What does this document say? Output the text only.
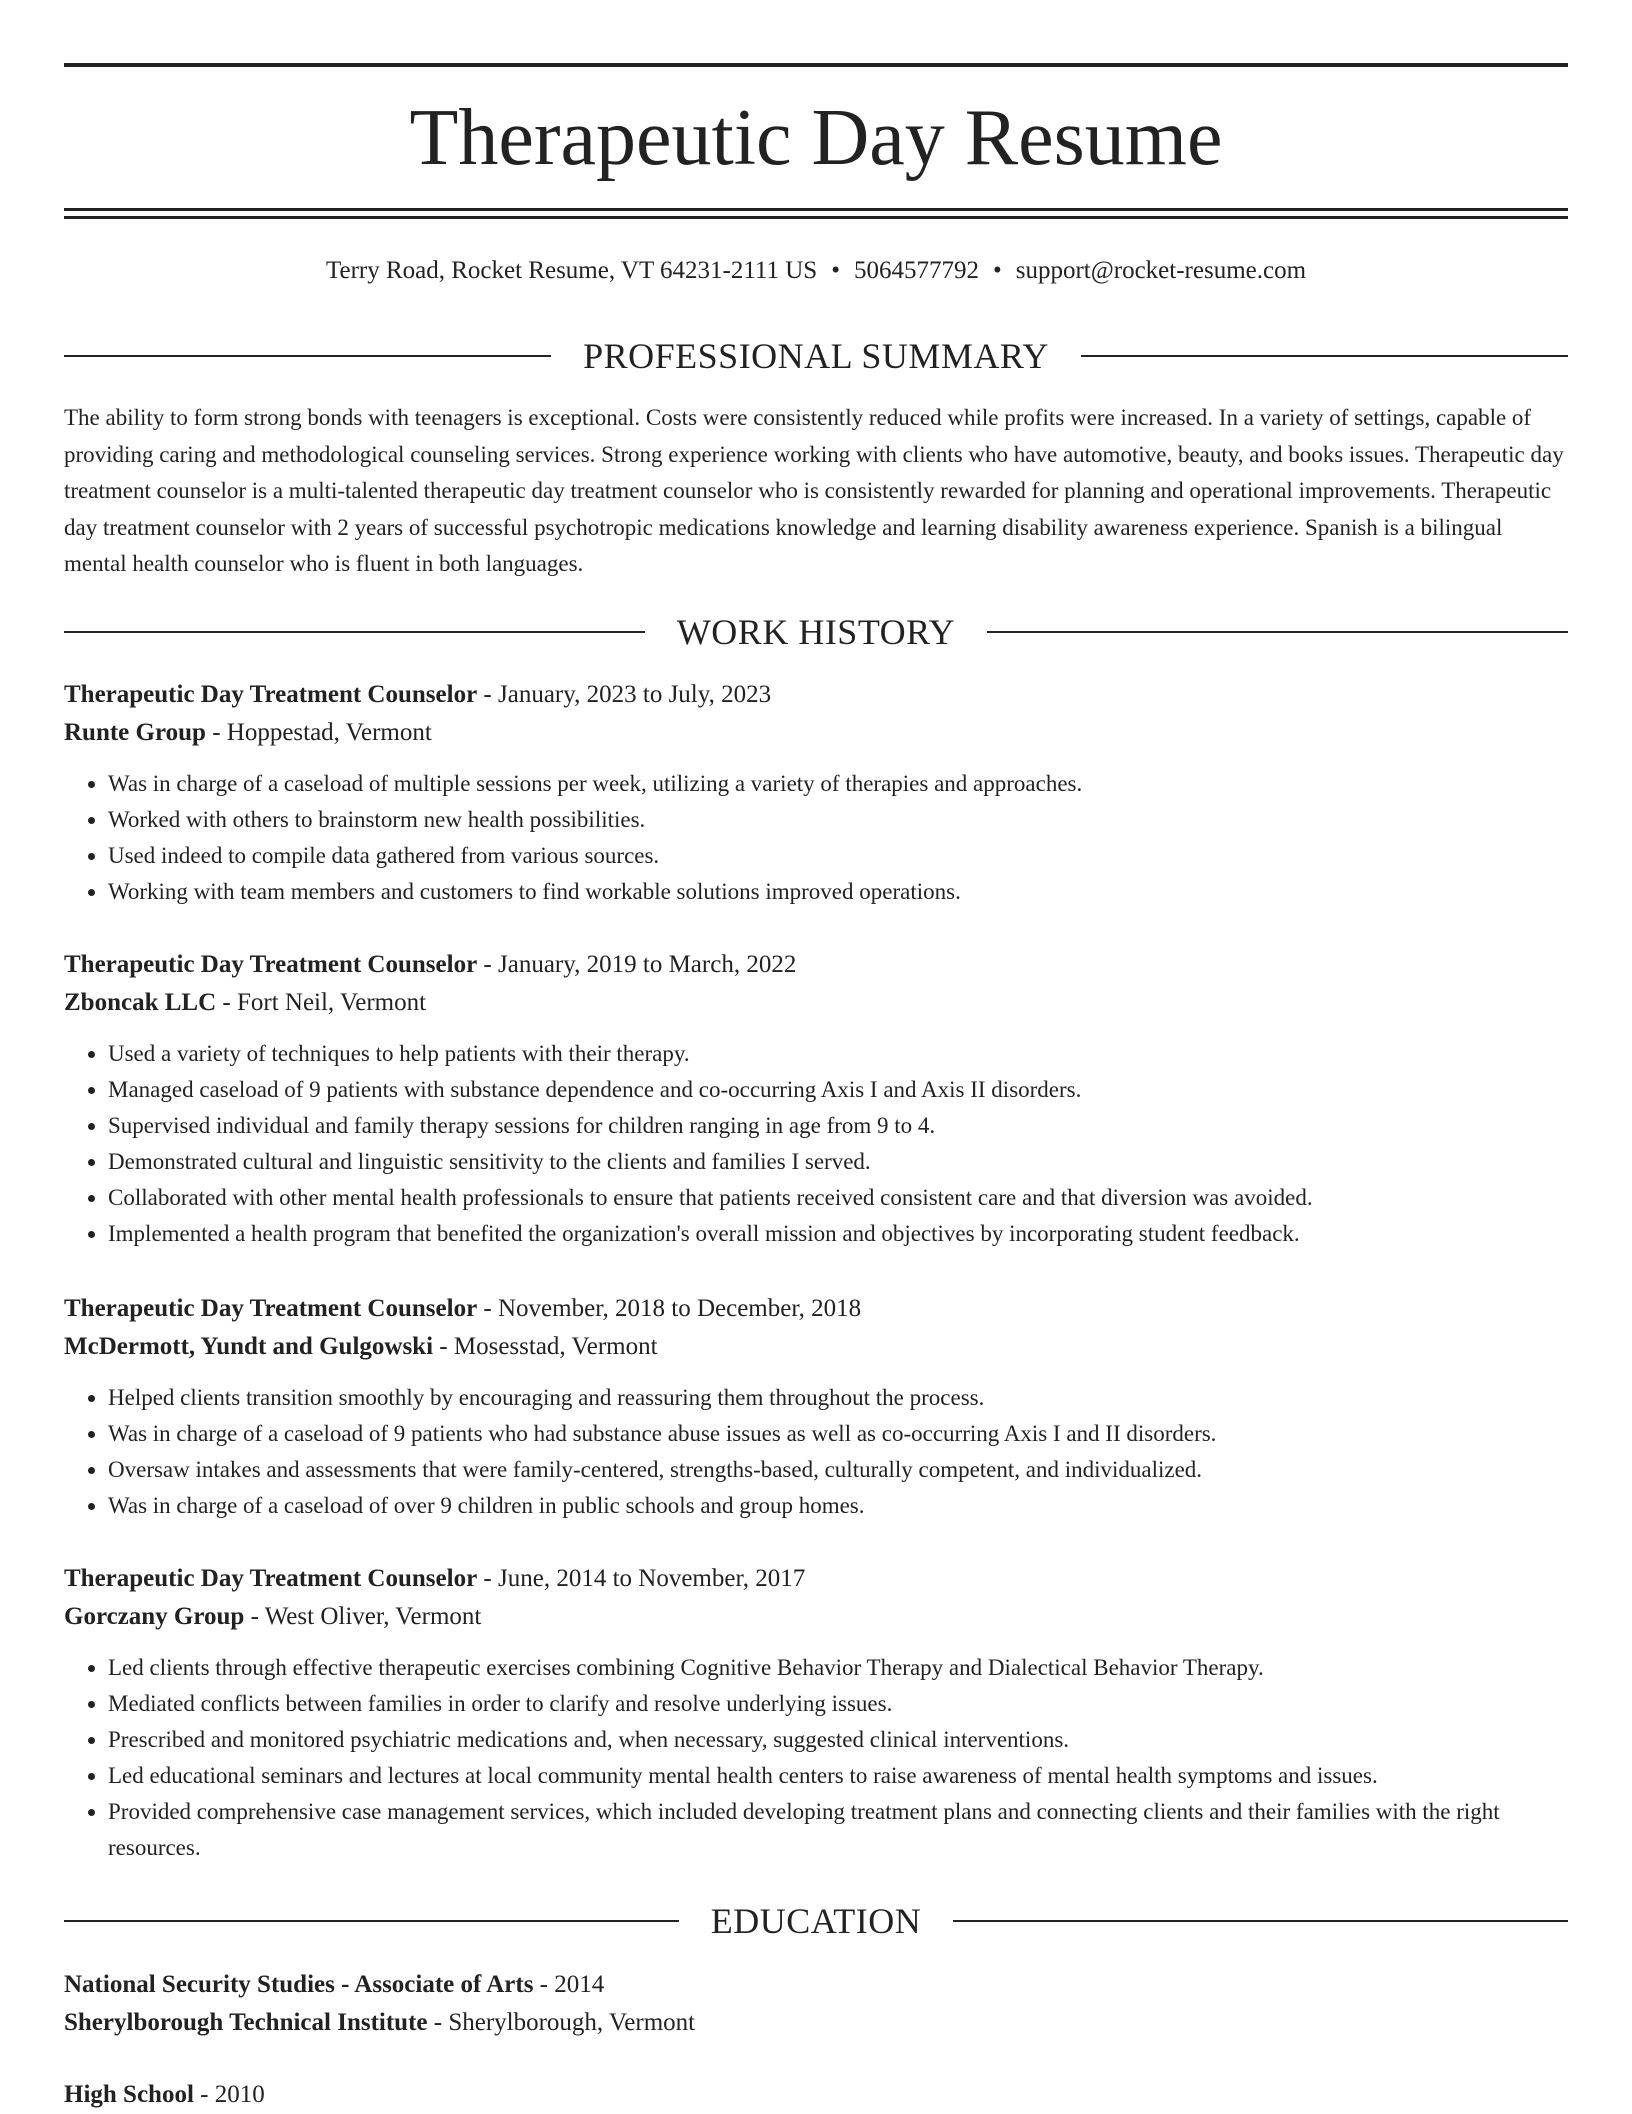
Therapeutic Day Resume
Terry Road, Rocket Resume, VT 64231-2111 US • 5064577792 • support@rocket-resume.com
PROFESSIONAL SUMMARY

The ability to form strong bonds with teenagers is exceptional. Costs were consistently reduced while profits were increased. In a variety of settings, capable of providing caring and methodological counseling services. Strong experience working with clients who have automotive, beauty, and books issues. Therapeutic day treatment counselor is a multi-talented therapeutic day treatment counselor who is consistently rewarded for planning and operational improvements. Therapeutic day treatment counselor with 2 years of successful psychotropic medications knowledge and learning disability awareness experience. Spanish is a bilingual mental health counselor who is fluent in both languages.

WORK HISTORY
Therapeutic Day Treatment Counselor - January, 2023 to July, 2023
Runte Group - Hoppestad, Vermont
• Was in charge of a caseload of multiple sessions per week, utilizing a variety of therapies and approaches.
• Worked with others to brainstorm new health possibilities.
• Used indeed to compile data gathered from various sources.
• Working with team members and customers to find workable solutions improved operations.
Therapeutic Day Treatment Counselor - January, 2019 to March, 2022
Zboncak LLC - Fort Neil, Vermont
• Used a variety of techniques to help patients with their therapy.
• Managed caseload of 9 patients with substance dependence and co-occurring Axis I and Axis II disorders.
• Supervised individual and family therapy sessions for children ranging in age from 9 to 4.
• Demonstrated cultural and linguistic sensitivity to the clients and families I served.
• Collaborated with other mental health professionals to ensure that patients received consistent care and that diversion was avoided.
• Implemented a health program that benefited the organization's overall mission and objectives by incorporating student feedback.
Therapeutic Day Treatment Counselor - November, 2018 to December, 2018
McDermott, Yundt and Gulgowski - Mosesstad, Vermont
• Helped clients transition smoothly by encouraging and reassuring them throughout the process.
• Was in charge of a caseload of 9 patients who had substance abuse issues as well as co-occurring Axis I and II disorders.
• Oversaw intakes and assessments that were family-centered, strengths-based, culturally competent, and individualized.
• Was in charge of a caseload of over 9 children in public schools and group homes.
Therapeutic Day Treatment Counselor - June, 2014 to November, 2017
Gorczany Group - West Oliver, Vermont
• Led clients through effective therapeutic exercises combining Cognitive Behavior Therapy and Dialectical Behavior Therapy.
• Mediated conflicts between families in order to clarify and resolve underlying issues.
• Prescribed and monitored psychiatric medications and, when necessary, suggested clinical interventions.
• Led educational seminars and lectures at local community mental health centers to raise awareness of mental health symptoms and issues.
• Provided comprehensive case management services, which included developing treatment plans and connecting clients and their families with the right resources.
EDUCATION
National Security Studies - Associate of Arts - 2014
Sherylborough Technical Institute - Sherylborough, Vermont
High School - 2010
